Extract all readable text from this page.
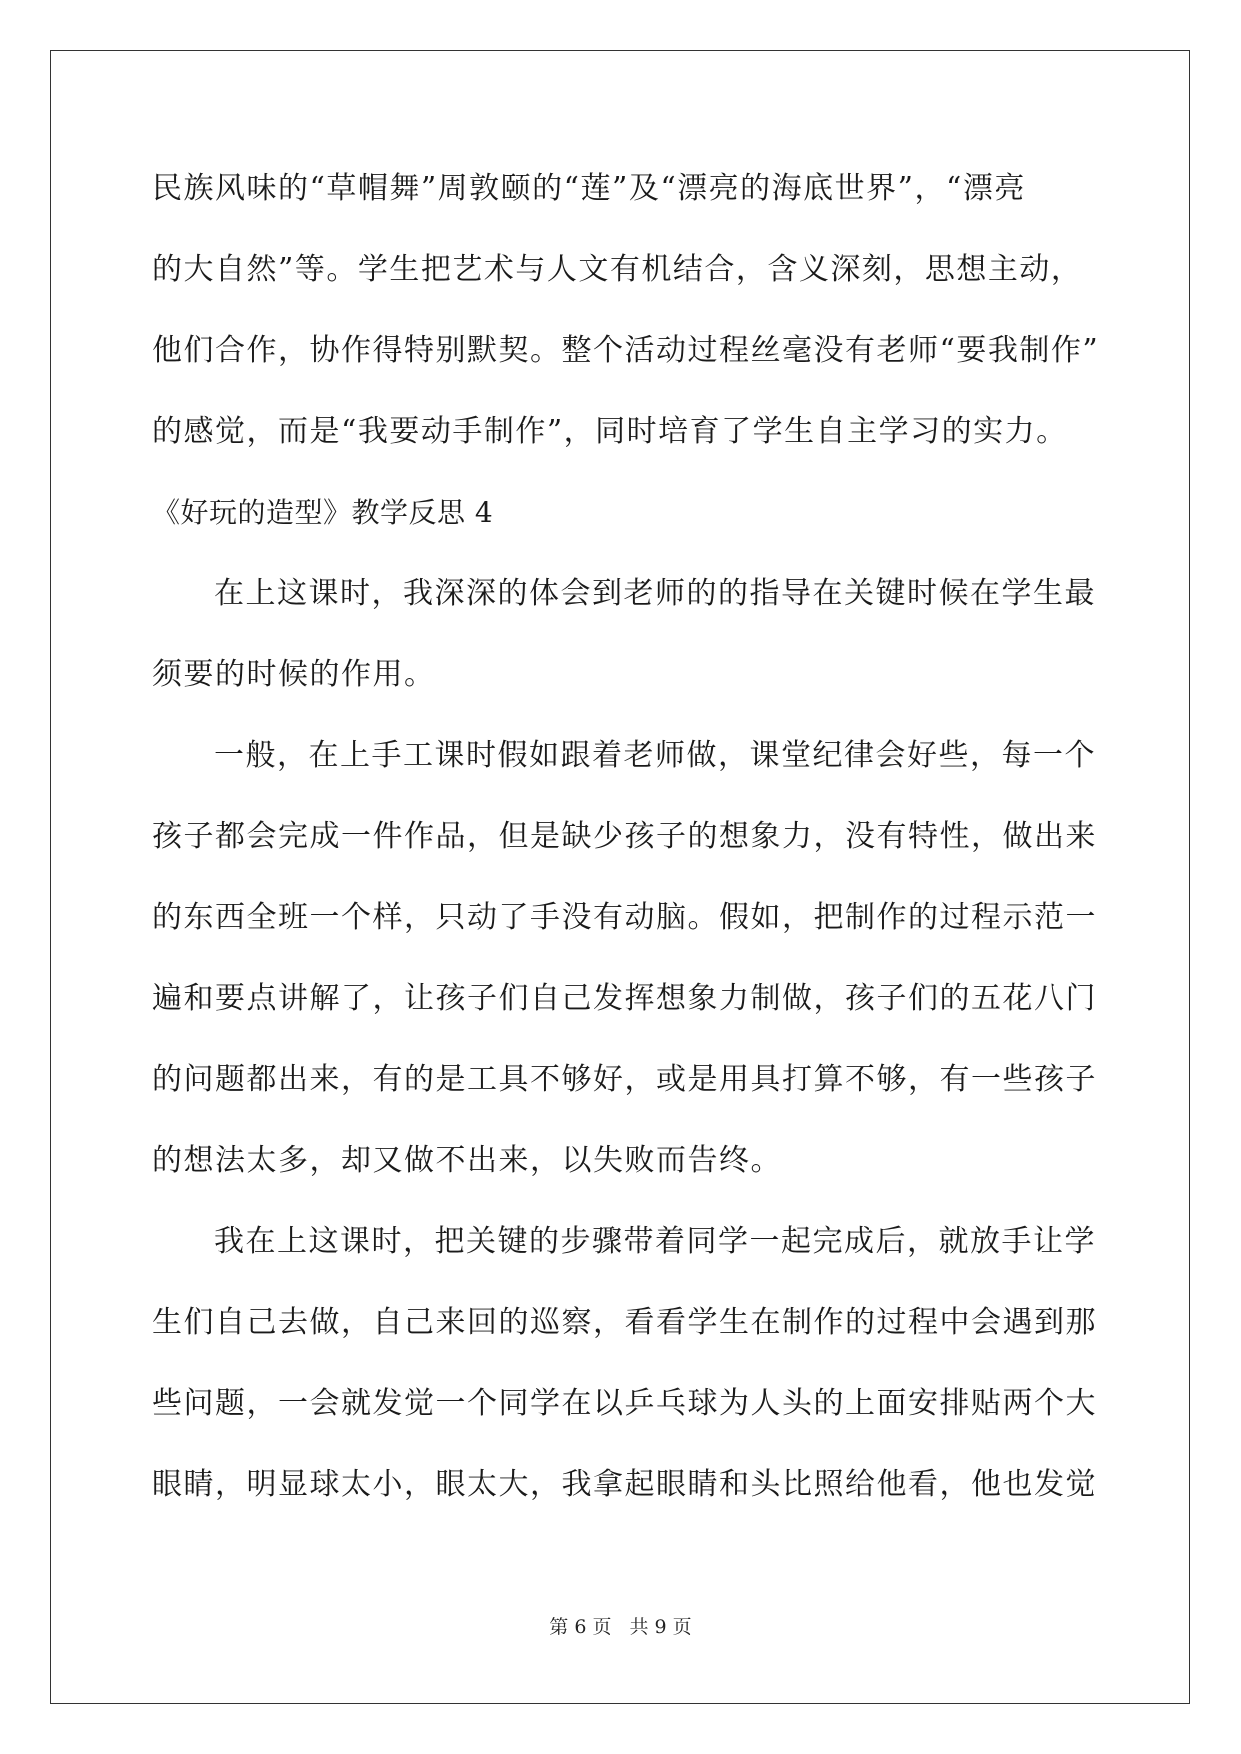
民族风味的“草帽舞”周敦颐的“莲”及“漂亮的海底世界”，“漂亮
的大自然”等。学生把艺术与人文有机结合，含义深刻，思想主动，
他们合作，协作得特别默契。整个活动过程丝毫没有老师“要我制作”
的感觉，而是“我要动手制作”，同时培育了学生自主学习的实力。
《好玩的造型》教学反思 4
在上这课时，我深深的体会到老师的的指导在关键时候在学生最
须要的时候的作用。
一般，在上手工课时假如跟着老师做，课堂纪律会好些，每一个
孩子都会完成一件作品，但是缺少孩子的想象力，没有特性，做出来
的东西全班一个样，只动了手没有动脑。假如，把制作的过程示范一
遍和要点讲解了，让孩子们自己发挥想象力制做，孩子们的五花八门
的问题都出来，有的是工具不够好，或是用具打算不够，有一些孩子
的想法太多，却又做不出来，以失败而告终。
我在上这课时，把关键的步骤带着同学一起完成后，就放手让学
生们自己去做，自己来回的巡察，看看学生在制作的过程中会遇到那
些问题，一会就发觉一个同学在以乒乓球为人头的上面安排贴两个大
眼睛，明显球太小，眼太大，我拿起眼睛和头比照给他看，他也发觉
第 6 页 共 9 页
